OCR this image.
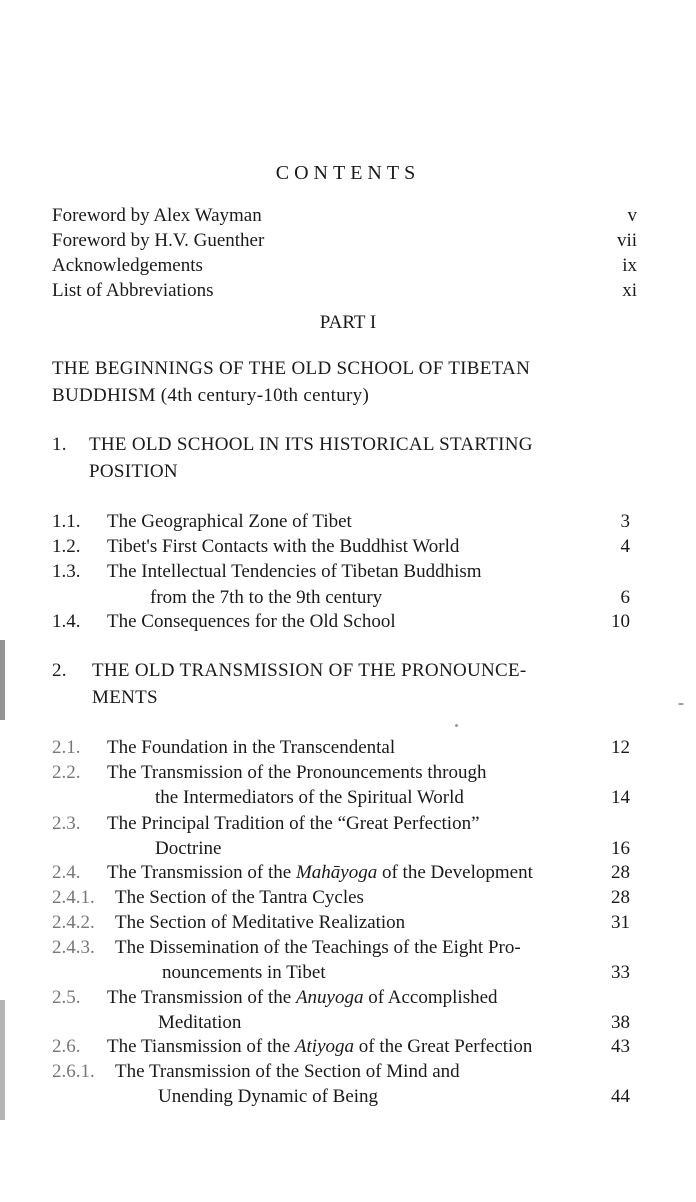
CONTENTS
Foreword by Alex Wayman	v
Foreword by H.V. Guenther	vii
Acknowledgements	ix
List of Abbreviations	xi
PART I
THE BEGINNINGS OF THE OLD SCHOOL OF TIBETAN
BUDDHISM (4th century-10th century)
1. THE OLD SCHOOL IN ITS HISTORICAL STARTING
POSITION
1.1. The Geographical Zone of Tibet	3
1.2. Tibet's First Contacts with the Buddhist World	4
1.3. The Intellectual Tendencies of Tibetan Buddhism
from the 7th to the 9th century	6
1.4. The Consequences for the Old School	10
2. THE OLD TRANSMISSION OF THE PRONOUNCE-
MENTS
2.1. The Foundation in the Transcendental	12
2.2. The Transmission of the Pronouncements through
the Intermediators of the Spiritual World	14
2.3. The Principal Tradition of the “Great Perfection”
Doctrine	16
2.4. The Transmission of the Mahāyoga of the Development	28
2.4.1. The Section of the Tantra Cycles	28
2.4.2. The Section of Meditative Realization	31
2.4.3. The Dissemination of the Teachings of the Eight Pro-
nouncements in Tibet	33
2.5. The Transmission of the Anuyoga of Accomplished
Meditation	38
2.6. The Tiansmission of the Atiyoga of the Great Perfection	43
2.6.1. The Transmission of the Section of Mind and
Unending Dynamic of Being	44
